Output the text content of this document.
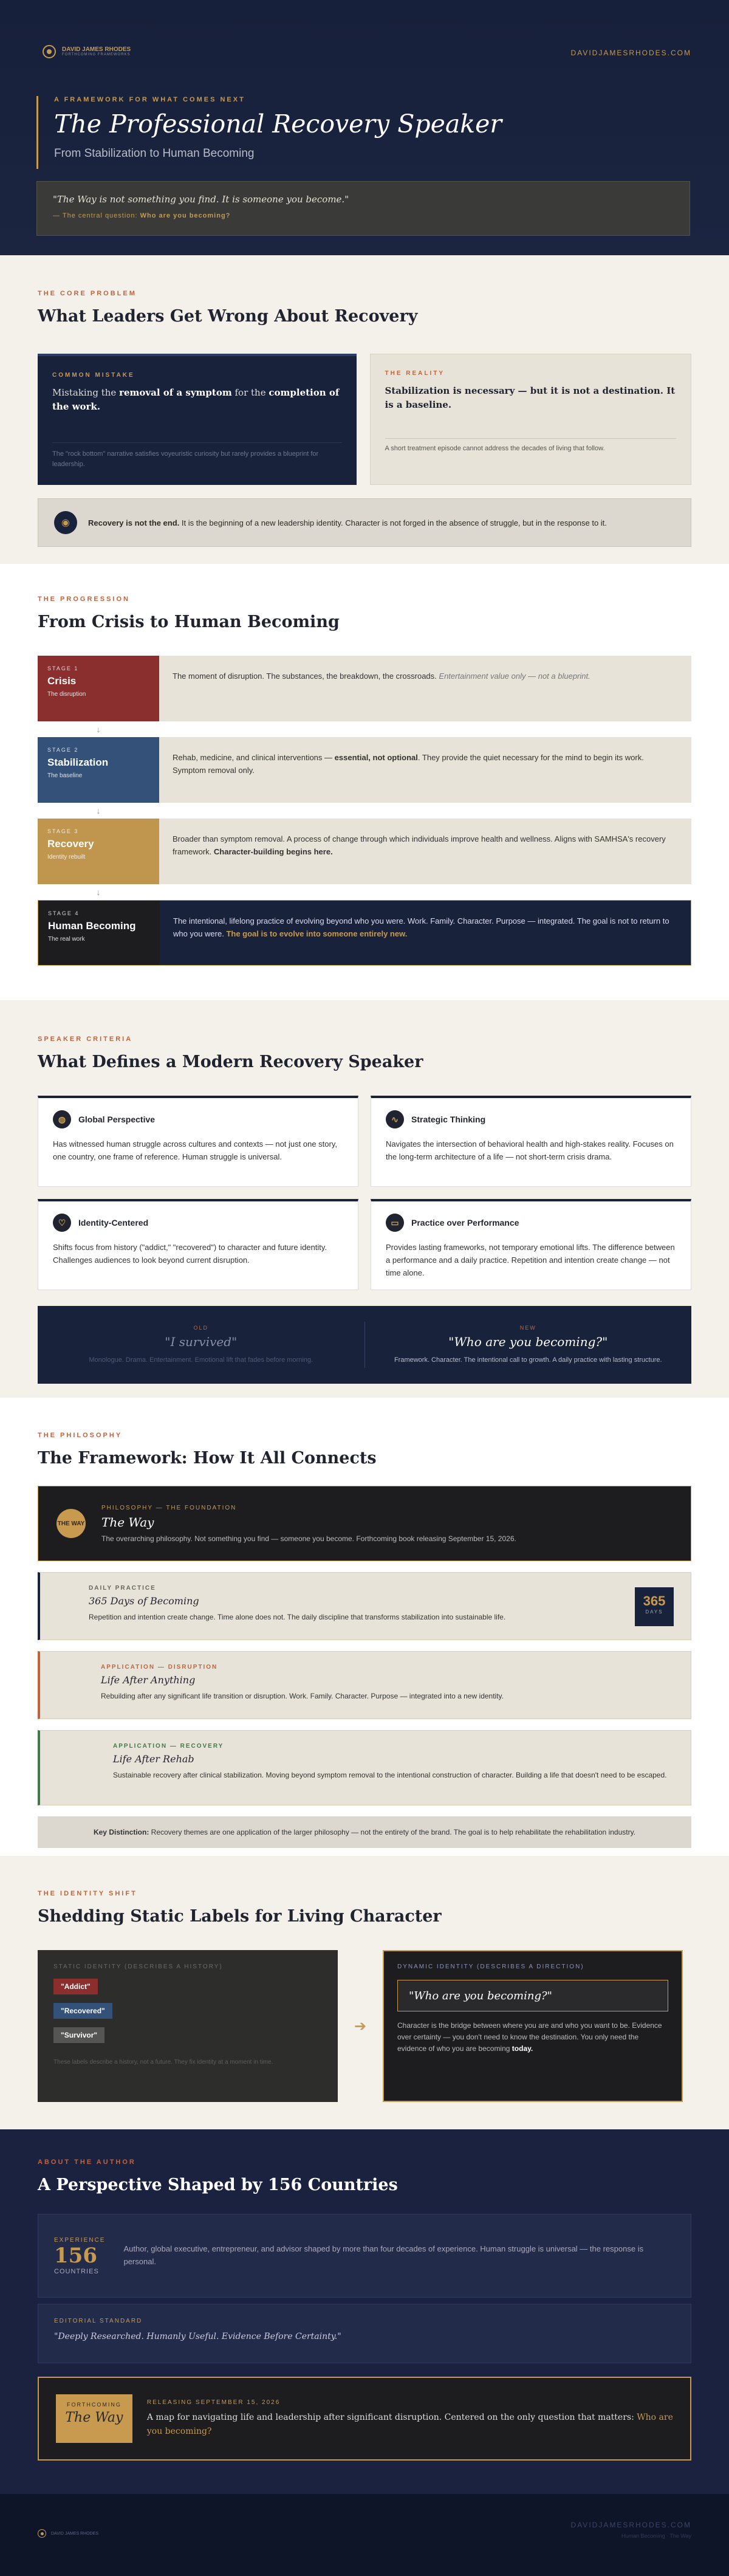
DAVID JAMES RHODES
FORTHCOMING FRAMEWORKS	DAVIDJAMESRHODES.COM
A FRAMEWORK FOR WHAT COMES NEXT
The Professional Recovery Speaker
From Stabilization to Human Becoming
"The Way is not something you find. It is someone you become."
— The central question: Who are you becoming?
THE CORE PROBLEM
What Leaders Get Wrong About Recovery
COMMON MISTAKE
Mistaking the removal of a symptom for the completion of the work.
The "rock bottom" narrative satisfies voyeuristic curiosity but rarely provides a blueprint for leadership.
THE REALITY
Stabilization is necessary — but it is not a destination. It is a baseline.
A short treatment episode cannot address the decades of living that follow.
◉	Recovery is not the end. It is the beginning of a new leadership identity. Character is not forged in the absence of struggle, but in the response to it.
THE PROGRESSION
From Crisis to Human Becoming
STAGE 1
Crisis
The disruption
The moment of disruption. The substances, the breakdown, the crossroads. Entertainment value only — not a blueprint.
↓
STAGE 2
Stabilization
The baseline
Rehab, medicine, and clinical interventions — essential, not optional. They provide the quiet necessary for the mind to begin its work. Symptom removal only.
↓
STAGE 3
Recovery
Identity rebuilt
Broader than symptom removal. A process of change through which individuals improve health and wellness. Aligns with SAMHSA's recovery framework. Character-building begins here.
↓
STAGE 4
Human Becoming
The real work
The intentional, lifelong practice of evolving beyond who you were. Work. Family. Character. Purpose — integrated. The goal is not to return to who you were. The goal is to evolve into someone entirely new.
SPEAKER CRITERIA
What Defines a Modern Recovery Speaker
◍	Global Perspective

Has witnessed human struggle across cultures and contexts — not just one story, one country, one frame of reference. Human struggle is universal.

∿	Strategic Thinking

Navigates the intersection of behavioral health and high-stakes reality. Focuses on the long-term architecture of a life — not short-term crisis drama.

♡	Identity-Centered

Shifts focus from history ("addict," "recovered") to character and future identity. Challenges audiences to look beyond current disruption.

▭	Practice over Performance

Provides lasting frameworks, not temporary emotional lifts. The difference between a performance and a daily practice. Repetition and intention create change — not time alone.

OLD
"I survived"
Monologue. Drama. Entertainment. Emotional lift that fades before morning.
NEW
"Who are you becoming?"
Framework. Character. The intentional call to growth. A daily practice with lasting structure.
THE PHILOSOPHY
The Framework: How It All Connects
THE WAY
PHILOSOPHY — THE FOUNDATION
The Way
The overarching philosophy. Not something you find — someone you become. Forthcoming book releasing September 15, 2026.
DAILY PRACTICE
365 Days of Becoming
Repetition and intention create change. Time alone does not. The daily discipline that transforms stabilization into sustainable life.
365
DAYS
APPLICATION — DISRUPTION
Life After Anything
Rebuilding after any significant life transition or disruption. Work. Family. Character. Purpose — integrated into a new identity.
APPLICATION — RECOVERY
Life After Rehab
Sustainable recovery after clinical stabilization. Moving beyond symptom removal to the intentional construction of character. Building a life that doesn't need to be escaped.
Key Distinction:
Recovery themes are one application of the larger philosophy — not the entirety of the brand. The goal is to help rehabilitate the rehabilitation industry.
THE IDENTITY SHIFT
Shedding Static Labels for Living Character
STATIC IDENTITY (DESCRIBES A HISTORY)
"Addict"
"Recovered"
"Survivor"
These labels describe a history, not a future. They fix identity at a moment in time.
➔
DYNAMIC IDENTITY (DESCRIBES A DIRECTION)
"Who are you becoming?"

Character is the bridge between where you are and who you want to be. Evidence over certainty — you don't need to know the destination. You only need the evidence of who you are becoming today.

ABOUT THE AUTHOR
A Perspective Shaped by 156 Countries
EXPERIENCE
156
COUNTRIES

Author, global executive, entrepreneur, and advisor shaped by more than four decades of experience. Human struggle is universal — the response is personal.

EDITORIAL STANDARD
"Deeply Researched. Humanly Useful. Evidence Before Certainty."
FORTHCOMING
The Way
RELEASING SEPTEMBER 15, 2026
A map for navigating life and leadership after significant disruption. Centered on the only question that matters: Who are you becoming?
DAVID JAMES RHODES
DAVIDJAMESRHODES.COM
Human Becoming · The Way
